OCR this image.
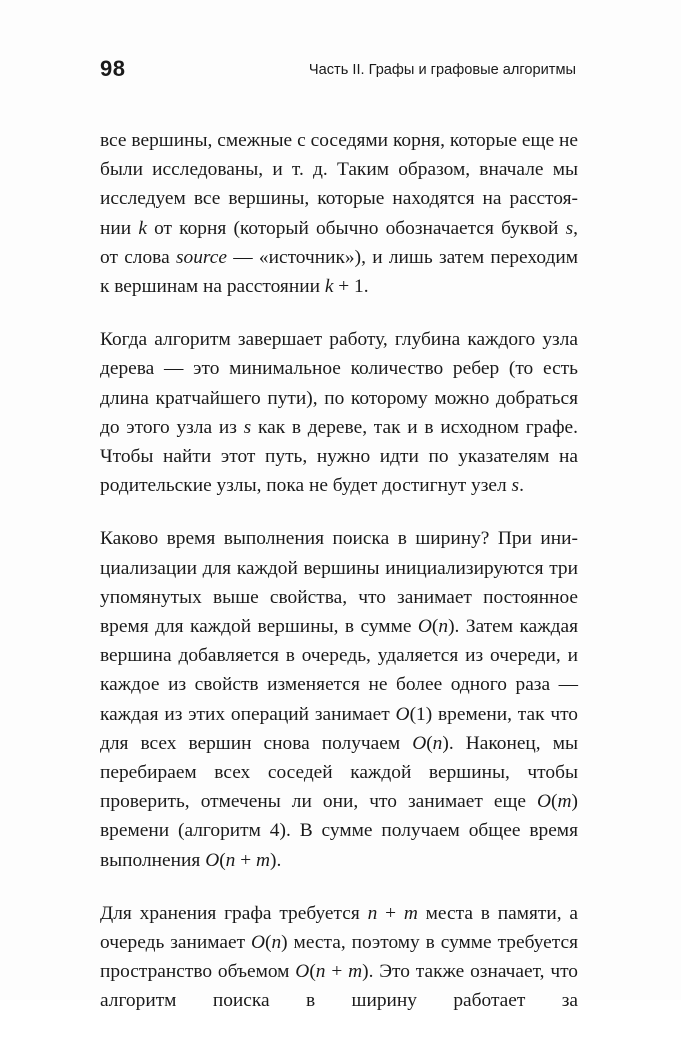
98	Часть II. Графы и графовые алгоритмы

все вершины, смежные с соседями корня, которые еще не были исследованы, и т. д. Таким образом, вначале мы исследуем все вершины, которые находятся на расстоянии k от корня (который обычно обозначается буквой s, от слова source — «источник»), и лишь затем переходим к вершинам на расстоянии k + 1.

Когда алгоритм завершает работу, глубина каждого узла дерева — это минимальное количество ребер (то есть длина кратчайшего пути), по которому можно добраться до этого узла из s как в дереве, так и в исходном графе. Чтобы найти этот путь, нужно идти по указателям на родительские узлы, пока не будет достигнут узел s.

Каково время выполнения поиска в ширину? При инициализации для каждой вершины инициализируются три упомянутых выше свойства, что занимает постоянное время для каждой вершины, в сумме O(n). Затем каждая вершина добавляется в очередь, удаляется из очереди, и каждое из свойств изменяется не более одного раза — каждая из этих операций занимает O(1) времени, так что для всех вершин снова получаем O(n). Наконец, мы перебираем всех соседей каждой вершины, чтобы проверить, отмечены ли они, что занимает еще O(m) времени (алгоритм 4). В сумме получаем общее время выполнения O(n + m).

Для хранения графа требуется n + m места в памяти, а очередь занимает O(n) места, поэтому в сумме требуется пространство объемом O(n + m). Это также означает, что алгоритм поиска в ширину работает за
